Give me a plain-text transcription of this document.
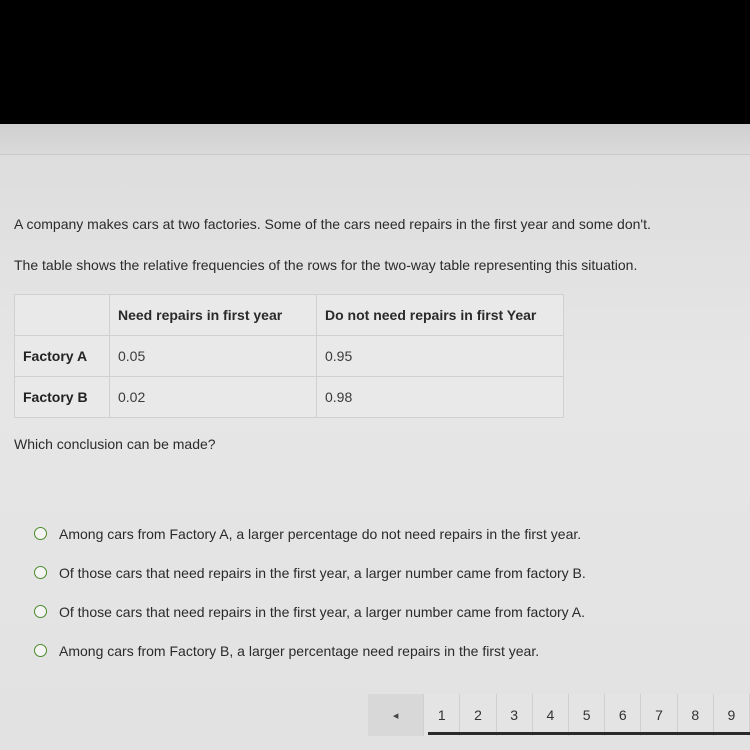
A company makes cars at two factories. Some of the cars need repairs in the first year and some don't.
The table shows the relative frequencies of the rows for the two-way table representing this situation.
	Need repairs in first year	Do not need repairs in first Year
Factory A	0.05	0.95
Factory B	0.02	0.98
Which conclusion can be made?
Among cars from Factory A, a larger percentage do not need repairs in the first year.
Of those cars that need repairs in the first year, a larger number came from factory B.
Of those cars that need repairs in the first year, a larger number came from factory A.
Among cars from Factory B, a larger percentage need repairs in the first year.
◂	1	2	3	4	5	6	7	8	9
